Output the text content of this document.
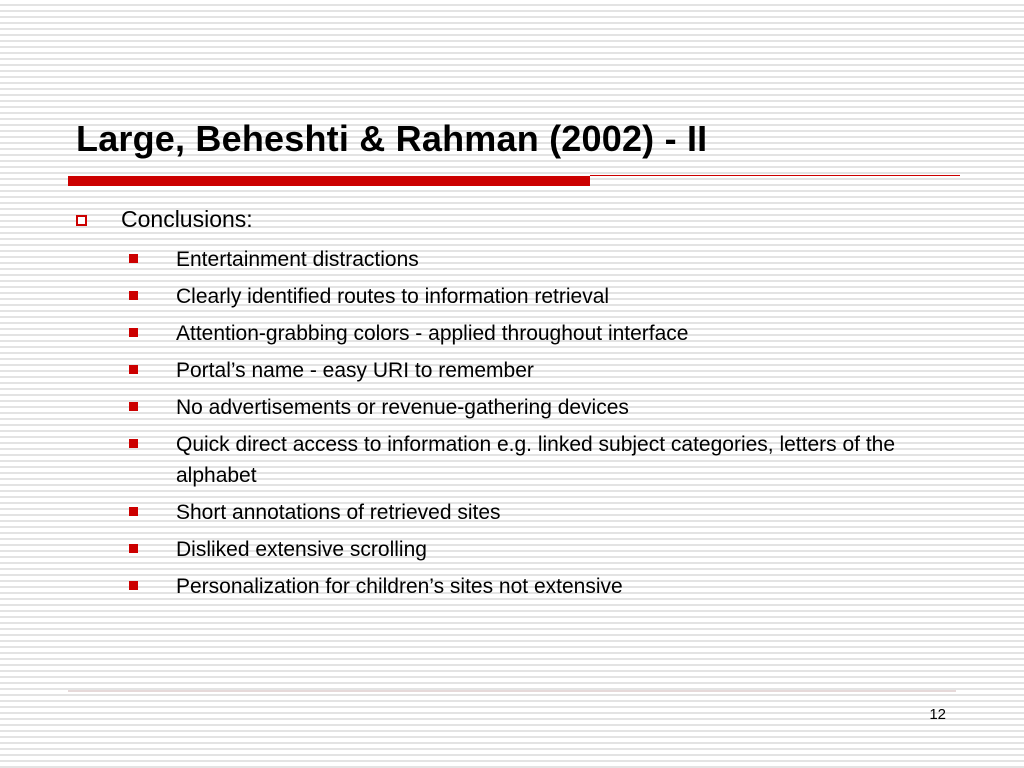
Large, Beheshti & Rahman (2002) - II
Conclusions:
Entertainment distractions
Clearly identified routes to information retrieval
Attention-grabbing colors - applied throughout interface
Portal’s name - easy URI to remember
No advertisements or revenue-gathering devices
Quick direct access to information e.g. linked subject categories, letters of the alphabet
Short annotations of retrieved sites
Disliked extensive scrolling
Personalization for children’s sites not extensive
12
